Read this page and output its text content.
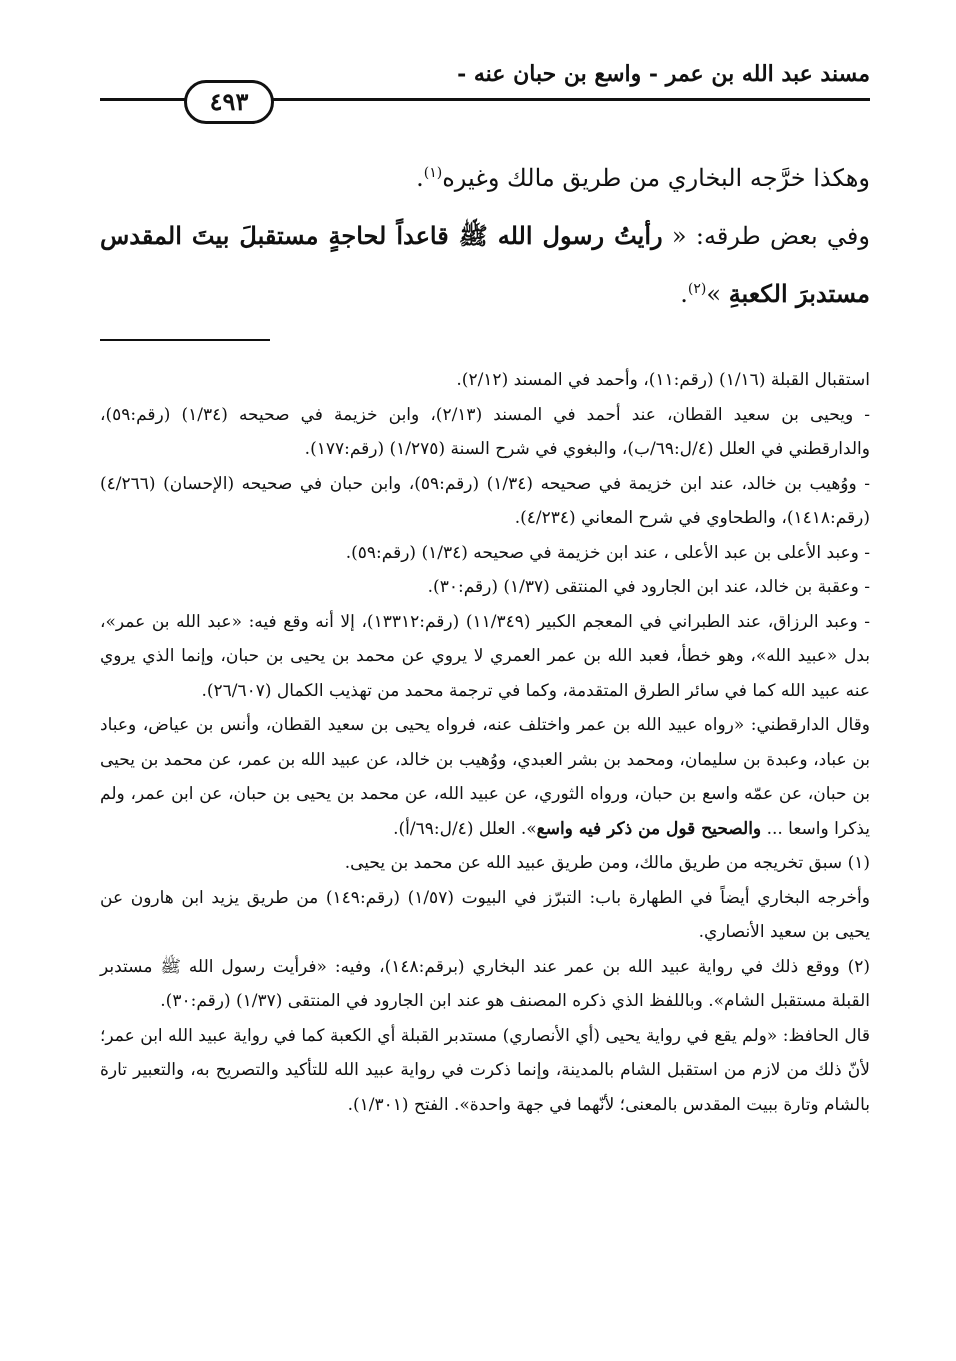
مسند عبد الله بن عمر - واسع بن حبان عنه -
٤٩٣

وهكذا خرَّجه البخاري من طريق مالك وغيره$^{(١)}$.

وفي بعض طرقه: « رأيتُ رسول الله ﷺ قاعداً لحاجةٍ مستقبلَ بيتَ المقدس مستدبرَ الكعبةِ »$^{(٢)}$.

استقبال القبلة (١/١٦) (رقم:١١)، وأحمد في المسند (٢/١٢).

- ويحيى بن سعيد القطان، عند أحمد في المسند (٢/١٣)، وابن خزيمة في صحيحه (١/٣٤) (رقم:٥٩)، والدارقطني في العلل (٤/ل:٦٩/ب)، والبغوي في شرح السنة (١/٢٧٥) (رقم:١٧٧).

- ووُهيب بن خالد، عند ابن خزيمة في صحيحه (١/٣٤) (رقم:٥٩)، وابن حبان في صحيحه (الإحسان) (٤/٢٦٦) (رقم:١٤١٨)، والطحاوي في شرح المعاني (٤/٢٣٤).

- وعبد الأعلى بن عبد الأعلى ، عند ابن خزيمة في صحيحه (١/٣٤) (رقم:٥٩).

- وعقبة بن خالد، عند ابن الجارود في المنتقى (١/٣٧) (رقم:٣٠).

- وعبد الرزاق، عند الطبراني في المعجم الكبير (١١/٣٤٩) (رقم:١٣٣١٢)، إلا أنه وقع فيه: «عبد الله بن عمر»، بدل «عبيد الله»، وهو خطأ، فعبد الله بن عمر العمري لا يروي عن محمد بن يحيى بن حبان، وإنما الذي يروي عنه عبيد الله كما في سائر الطرق المتقدمة، وكما في ترجمة محمد من تهذيب الكمال (٢٦/٦٠٧).

وقال الدارقطني: «رواه عبيد الله بن عمر واختلف عنه، فرواه يحيى بن سعيد القطان، وأنس بن عياض، وعباد بن عباد، وعبدة بن سليمان، ومحمد بن بشر العبدي، ووُهيب بن خالد، عن عبيد الله بن عمر، عن محمد بن يحيى بن حبان، عن عمّه واسع بن حبان، ورواه الثوري، عن عبيد الله، عن محمد بن يحيى بن حبان، عن ابن عمر، ولم يذكرا واسعا ... والصحيح قول من ذكر فيه واسع». العلل (٤/ل:٦٩/أ).

(١) سبق تخريجه من طريق مالك، ومن طريق عبيد الله عن محمد بن يحيى.

وأخرجه البخاري أيضاً في الطهارة باب: التبرّز في البيوت (١/٥٧) (رقم:١٤٩) من طريق يزيد ابن هارون عن يحيى بن سعيد الأنصاري.

(٢) ووقع ذلك في رواية عبيد الله بن عمر عند البخاري (برقم:١٤٨)، وفيه: «فرأيت رسول الله ﷺ مستدبر القبلة مستقبل الشام». وباللفظ الذي ذكره المصنف هو عند ابن الجارود في المنتقى (١/٣٧) (رقم:٣٠).

قال الحافظ: «ولم يقع في رواية يحيى (أي الأنصاري) مستدبر القبلة أي الكعبة كما في رواية عبيد الله ابن عمر؛ لأنّ ذلك من لازم من استقبل الشام بالمدينة، وإنما ذكرت في رواية عبيد الله للتأكيد والتصريح به، والتعبير تارة بالشام وتارة ببيت المقدس بالمعنى؛ لأنّهما في جهة واحدة». الفتح (١/٣٠١).
